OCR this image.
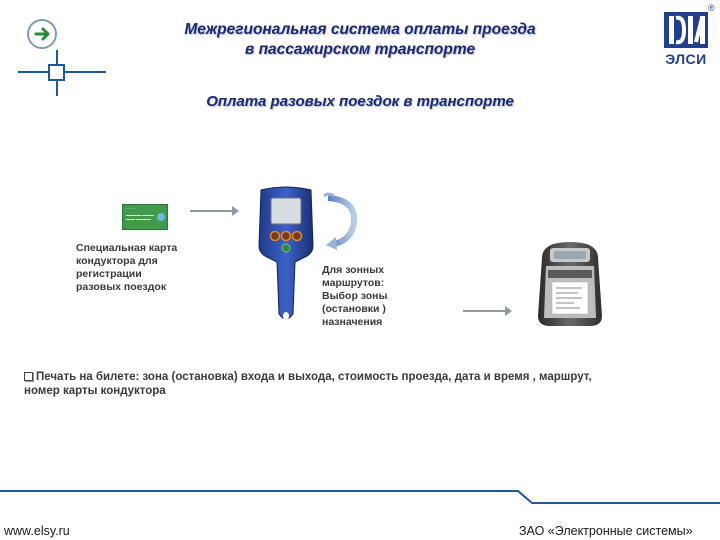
Межрегиональная система оплаты проезда
в пассажирском транспорте
Оплата разовых поездок в транспорте
®
ЭЛСИ
▪ ▪ ▪ ▪ ▪ ▪
▬▬▬▬▬ ▬▬▬▬
▬▬▬ ▬▬▬▬▬
Специальная карта
кондуктора для
регистрации
разовых поездок
Для зонных
маршрутов:
Выбор зоны
(остановки )
назначения
Печать на билете: зона (остановка) входа и выхода, стоимость проезда, дата и время , маршрут,
номер карты кондуктора
www.elsy.ru	ЗАО «Электронные системы»
